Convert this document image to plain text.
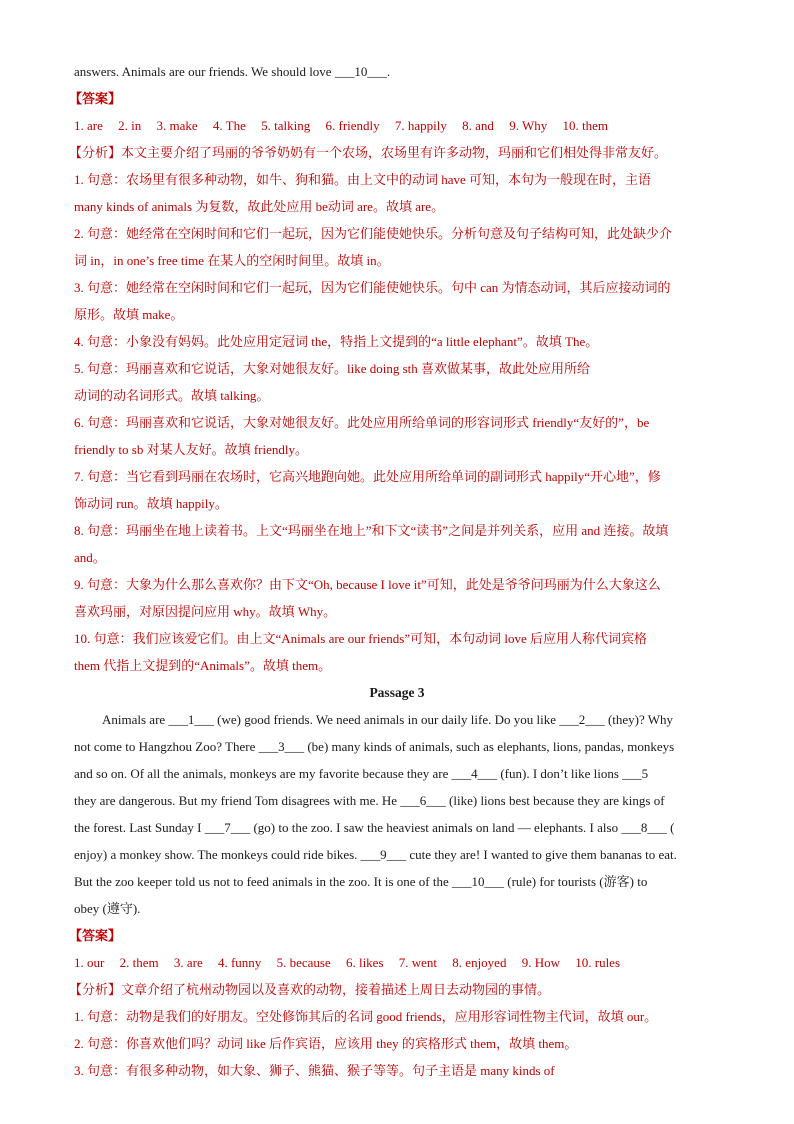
answers. Animals are our friends. We should love ___10___.
【答案】
1. are 2. in 3. make 4. The 5. talking 6. friendly 7. happily 8. and 9. Why 10. them
【分析】本文主要介绍了玛丽的爷爷奶奶有一个农场，农场里有许多动物，玛丽和它们相处得非常友好。
1. 句意：农场里有很多种动物，如牛、狗和猫。由上文中的动词 have 可知，本句为一般现在时，主语
many kinds of animals 为复数，故此处应用 be动词 are。故填 are。
2. 句意：她经常在空闲时间和它们一起玩，因为它们能使她快乐。分析句意及句子结构可知，此处缺少介
词 in，in one’s free time 在某人的空闲时间里。故填 in。
3. 句意：她经常在空闲时间和它们一起玩，因为它们能使她快乐。句中 can 为情态动词，其后应接动词的
原形。故填 make。
4. 句意：小象没有妈妈。此处应用定冠词 the，特指上文提到的“a little elephant”。故填 The。
5. 句意：玛丽喜欢和它说话，大象对她很友好。like doing sth 喜欢做某事，故此处应用所给
动词的动名词形式。故填 talking。
6. 句意：玛丽喜欢和它说话，大象对她很友好。此处应用所给单词的形容词形式 friendly“友好的”，be
friendly to sb 对某人友好。故填 friendly。
7. 句意：当它看到玛丽在农场时，它高兴地跑向她。此处应用所给单词的副词形式 happily“开心地”，修
饰动词 run。故填 happily。
8. 句意：玛丽坐在地上读着书。上文“玛丽坐在地上”和下文“读书”之间是并列关系，应用 and 连接。故填
and。
9. 句意：大象为什么那么喜欢你？由下文“Oh, because I love it”可知，此处是爷爷问玛丽为什么大象这么
喜欢玛丽，对原因提问应用 why。故填 Why。
10. 句意：我们应该爱它们。由上文“Animals are our friends”可知，本句动词 love 后应用人称代词宾格
them 代指上文提到的“Animals”。故填 them。
Passage 3
Animals are ___1___ (we) good friends. We need animals in our daily life. Do you like ___2___ (they)? Why
not come to Hangzhou Zoo? There ___3___ (be) many kinds of animals, such as elephants, lions, pandas, monkeys
and so on. Of all the animals, monkeys are my favorite because they are ___4___ (fun). I don’t like lions ___5
they are dangerous. But my friend Tom disagrees with me. He ___6___ (like) lions best because they are kings of
the forest. Last Sunday I ___7___ (go) to the zoo. I saw the heaviest animals on land — elephants. I also ___8___ (
enjoy) a monkey show. The monkeys could ride bikes. ___9___ cute they are! I wanted to give them bananas to eat.
But the zoo keeper told us not to feed animals in the zoo. It is one of the ___10___ (rule) for tourists (游客) to
obey (遵守).
【答案】
1. our 2. them 3. are 4. funny 5. because 6. likes 7. went 8. enjoyed 9. How 10. rules
【分析】文章介绍了杭州动物园以及喜欢的动物，接着描述上周日去动物园的事情。
1. 句意：动物是我们的好朋友。空处修饰其后的名词 good friends，应用形容词性物主代词，故填 our。
2. 句意：你喜欢他们吗？动词 like 后作宾语，应该用 they 的宾格形式 them，故填 them。
3. 句意：有很多种动物，如大象、狮子、熊猫、猴子等等。句子主语是 many kinds of
